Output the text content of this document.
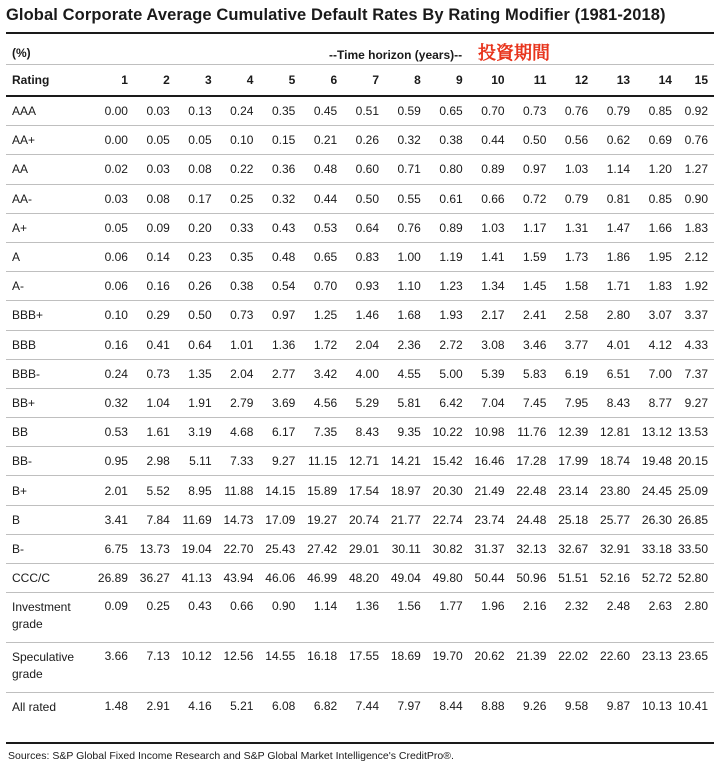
Global Corporate Average Cumulative Default Rates By Rating Modifier (1981-2018)
(%)	--Time horizon (years)-- 投資期間
Rating	1	2	3	4	5	6	7	8	9	10	11	12	13	14	15
AAA	0.00	0.03	0.13	0.24	0.35	0.45	0.51	0.59	0.65	0.70	0.73	0.76	0.79	0.85	0.92
AA+	0.00	0.05	0.05	0.10	0.15	0.21	0.26	0.32	0.38	0.44	0.50	0.56	0.62	0.69	0.76
AA	0.02	0.03	0.08	0.22	0.36	0.48	0.60	0.71	0.80	0.89	0.97	1.03	1.14	1.20	1.27
AA-	0.03	0.08	0.17	0.25	0.32	0.44	0.50	0.55	0.61	0.66	0.72	0.79	0.81	0.85	0.90
A+	0.05	0.09	0.20	0.33	0.43	0.53	0.64	0.76	0.89	1.03	1.17	1.31	1.47	1.66	1.83
A	0.06	0.14	0.23	0.35	0.48	0.65	0.83	1.00	1.19	1.41	1.59	1.73	1.86	1.95	2.12
A-	0.06	0.16	0.26	0.38	0.54	0.70	0.93	1.10	1.23	1.34	1.45	1.58	1.71	1.83	1.92
BBB+	0.10	0.29	0.50	0.73	0.97	1.25	1.46	1.68	1.93	2.17	2.41	2.58	2.80	3.07	3.37
BBB	0.16	0.41	0.64	1.01	1.36	1.72	2.04	2.36	2.72	3.08	3.46	3.77	4.01	4.12	4.33
BBB-	0.24	0.73	1.35	2.04	2.77	3.42	4.00	4.55	5.00	5.39	5.83	6.19	6.51	7.00	7.37
BB+	0.32	1.04	1.91	2.79	3.69	4.56	5.29	5.81	6.42	7.04	7.45	7.95	8.43	8.77	9.27
BB	0.53	1.61	3.19	4.68	6.17	7.35	8.43	9.35	10.22	10.98	11.76	12.39	12.81	13.12	13.53
BB-	0.95	2.98	5.11	7.33	9.27	11.15	12.71	14.21	15.42	16.46	17.28	17.99	18.74	19.48	20.15
B+	2.01	5.52	8.95	11.88	14.15	15.89	17.54	18.97	20.30	21.49	22.48	23.14	23.80	24.45	25.09
B	3.41	7.84	11.69	14.73	17.09	19.27	20.74	21.77	22.74	23.74	24.48	25.18	25.77	26.30	26.85
B-	6.75	13.73	19.04	22.70	25.43	27.42	29.01	30.11	30.82	31.37	32.13	32.67	32.91	33.18	33.50
CCC/C	26.89	36.27	41.13	43.94	46.06	46.99	48.20	49.04	49.80	50.44	50.96	51.51	52.16	52.72	52.80
Investment grade	0.09	0.25	0.43	0.66	0.90	1.14	1.36	1.56	1.77	1.96	2.16	2.32	2.48	2.63	2.80
Speculative grade	3.66	7.13	10.12	12.56	14.55	16.18	17.55	18.69	19.70	20.62	21.39	22.02	22.60	23.13	23.65
All rated	1.48	2.91	4.16	5.21	6.08	6.82	7.44	7.97	8.44	8.88	9.26	9.58	9.87	10.13	10.41
Sources: S&P Global Fixed Income Research and S&P Global Market Intelligence's CreditPro®.
